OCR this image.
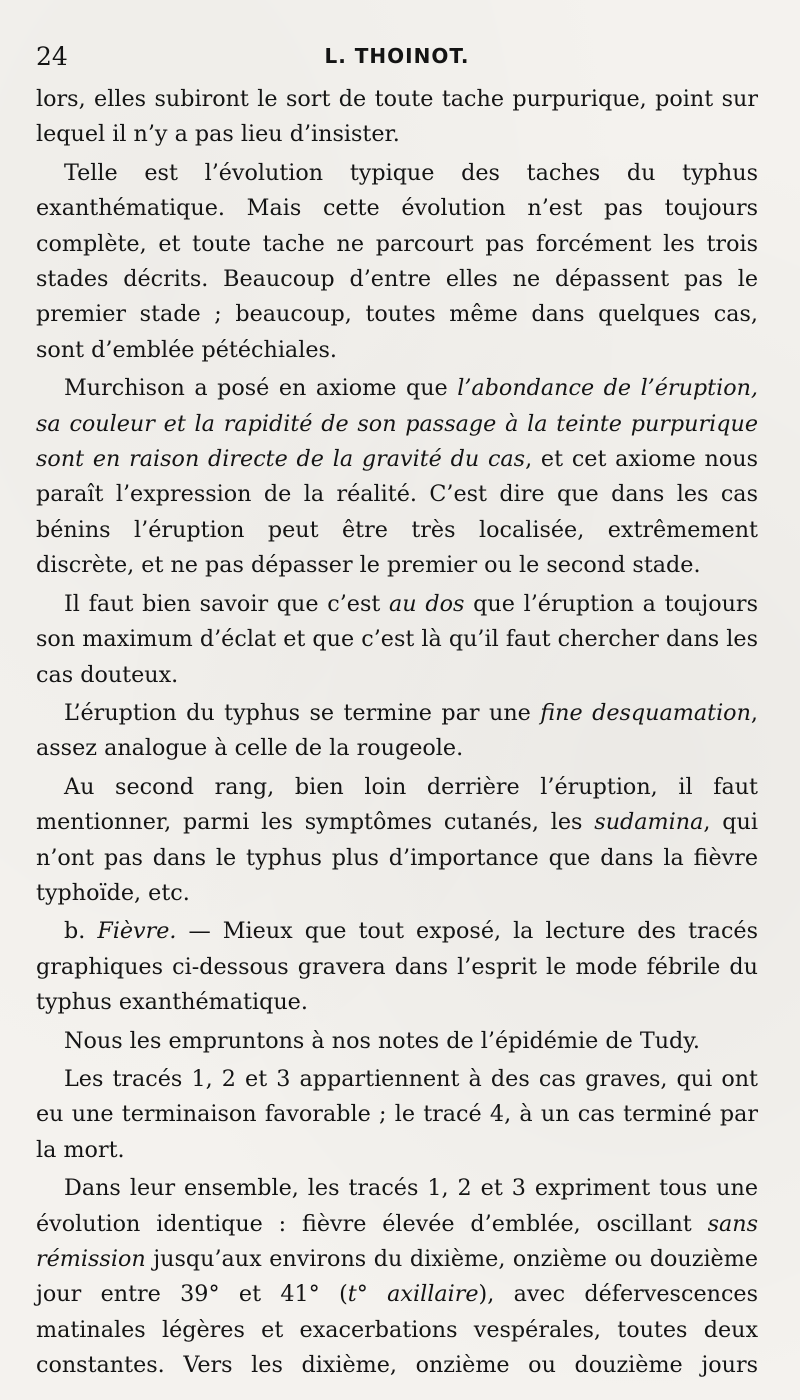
24	L. THOINOT.

lors, elles subiront le sort de toute tache purpurique, point sur lequel il n’y a pas lieu d’insister.

Telle est l’évolution typique des taches du typhus exanthématique. Mais cette évolution n’est pas toujours complète, et toute tache ne parcourt pas forcément les trois stades décrits. Beaucoup d’entre elles ne dépassent pas le premier stade ; beaucoup, toutes même dans quelques cas, sont d’emblée pétéchiales.

Murchison a posé en axiome que l’abondance de l’éruption, sa couleur et la rapidité de son passage à la teinte purpurique sont en raison directe de la gravité du cas, et cet axiome nous paraît l’expression de la réalité. C’est dire que dans les cas bénins l’éruption peut être très localisée, extrêmement discrète, et ne pas dépasser le premier ou le second stade.

Il faut bien savoir que c’est au dos que l’éruption a toujours son maximum d’éclat et que c’est là qu’il faut chercher dans les cas douteux.

L’éruption du typhus se termine par une fine desquamation, assez analogue à celle de la rougeole.

Au second rang, bien loin derrière l’éruption, il faut mentionner, parmi les symptômes cutanés, les sudamina, qui n’ont pas dans le typhus plus d’importance que dans la fièvre typhoïde, etc.

b. Fièvre. — Mieux que tout exposé, la lecture des tracés graphiques ci-dessous gravera dans l’esprit le mode fébrile du typhus exanthématique.

Nous les empruntons à nos notes de l’épidémie de Tudy.

Les tracés 1, 2 et 3 appartiennent à des cas graves, qui ont eu une terminaison favorable ; le tracé 4, à un cas terminé par la mort.

Dans leur ensemble, les tracés 1, 2 et 3 expriment tous une évolution identique : fièvre élevée d’emblée, oscillant sans rémission jusqu’aux environs du dixième, onzième ou douzième jour entre 39° et 41° (t° axillaire), avec défervescences matinales légères et exacerbations vespérales, toutes deux constantes. Vers les dixième, onzième ou douzième jours
